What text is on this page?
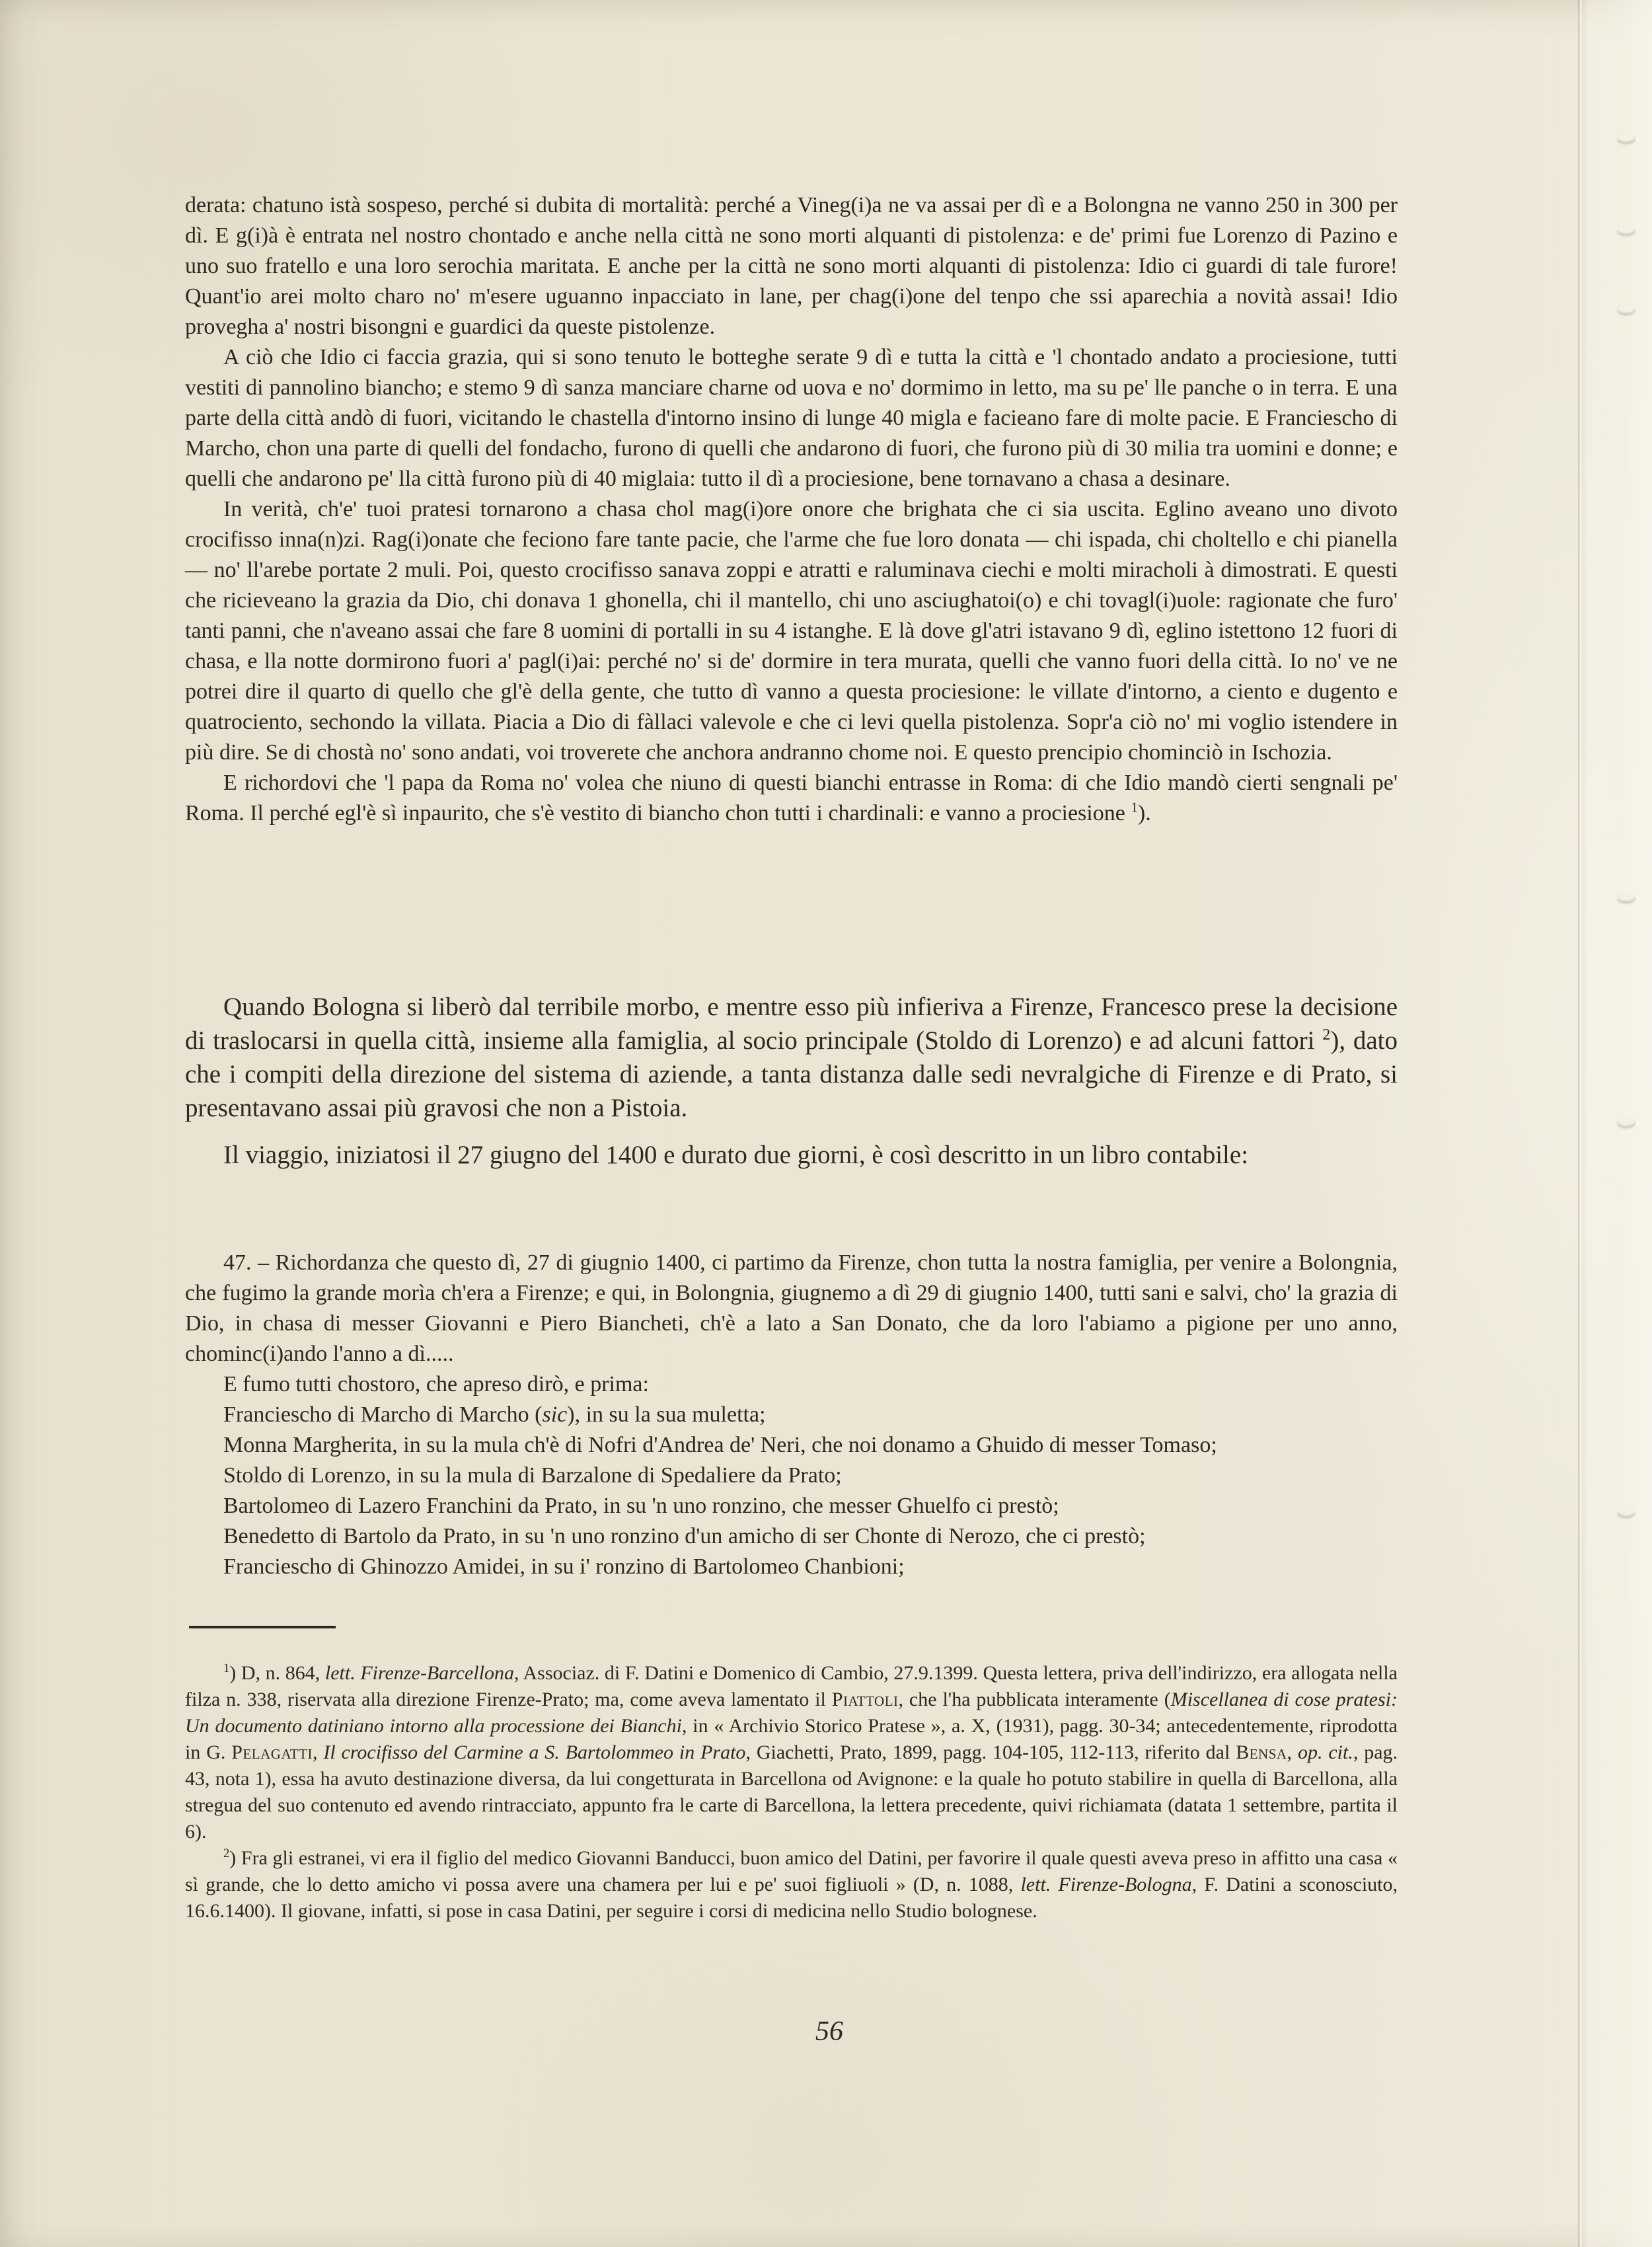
derata: chatuno istà sospeso, perché si dubita di mortalità: perché a Vineg(i)a ne va assai per dì e a Bolongna ne vanno 250 in 300 per dì. E g(i)à è entrata nel nostro chontado e anche nella città ne sono morti alquanti di pistolenza: e de' primi fue Lorenzo di Pazino e uno suo fratello e una loro serochia maritata. E anche per la città ne sono morti alquanti di pistolenza: Idio ci guardi di tale furore! Quant'io arei molto charo no' m'esere uguanno inpacciato in lane, per chag(i)one del tenpo che ssi aparechia a novità assai! Idio provegha a' nostri bisongni e guardici da queste pistolenze.

A ciò che Idio ci faccia grazia, qui si sono tenuto le botteghe serate 9 dì e tutta la città e 'l chontado andato a prociesione, tutti vestiti di pannolino biancho; e stemo 9 dì sanza manciare charne od uova e no' dormimo in letto, ma su pe' lle panche o in terra. E una parte della città andò di fuori, vicitando le chastella d'intorno insino di lunge 40 migla e facieano fare di molte pacie. E Franciescho di Marcho, chon una parte di quelli del fondacho, furono di quelli che andarono di fuori, che furono più di 30 milia tra uomini e donne; e quelli che andarono pe' lla città furono più di 40 miglaia: tutto il dì a prociesione, bene tornavano a chasa a desinare.

In verità, ch'e' tuoi pratesi tornarono a chasa chol mag(i)ore onore che brighata che ci sia uscita. Eglino aveano uno divoto crocifisso inna(n)zi. Rag(i)onate che feciono fare tante pacie, che l'arme che fue loro donata — chi ispada, chi choltello e chi pianella — no' ll'arebe portate 2 muli. Poi, questo crocifisso sanava zoppi e atratti e raluminava ciechi e molti miracholi à dimostrati. E questi che ricieveano la grazia da Dio, chi donava 1 ghonella, chi il mantello, chi uno asciughatoi(o) e chi tovagl(i)uole: ragionate che furo' tanti panni, che n'aveano assai che fare 8 uomini di portalli in su 4 istanghe. E là dove gl'atri istavano 9 dì, eglino istettono 12 fuori di chasa, e lla notte dormirono fuori a' pagl(i)ai: perché no' si de' dormire in tera murata, quelli che vanno fuori della città. Io no' ve ne potrei dire il quarto di quello che gl'è della gente, che tutto dì vanno a questa prociesione: le villate d'intorno, a ciento e dugento e quatrociento, sechondo la villata. Piacia a Dio di fàllaci valevole e che ci levi quella pistolenza. Sopr'a ciò no' mi voglio istendere in più dire. Se di chostà no' sono andati, voi troverete che anchora andranno chome noi. E questo prencipio chominciò in Ischozia.

E richordovi che 'l papa da Roma no' volea che niuno di questi bianchi entrasse in Roma: di che Idio mandò cierti sengnali pe' Roma. Il perché egl'è sì inpaurito, che s'è vestito di biancho chon tutti i chardinali: e vanno a prociesione $^1$).

Quando Bologna si liberò dal terribile morbo, e mentre esso più infieriva a Firenze, Francesco prese la decisione di traslocarsi in quella città, insieme alla famiglia, al socio principale (Stoldo di Lorenzo) e ad alcuni fattori $^2$), dato che i compiti della direzione del sistema di aziende, a tanta distanza dalle sedi nevralgiche di Firenze e di Prato, si presentavano assai più gravosi che non a Pistoia.

Il viaggio, iniziatosi il 27 giugno del 1400 e durato due giorni, è così descritto in un libro contabile:

47. – Richordanza che questo dì, 27 di giugnio 1400, ci partimo da Firenze, chon tutta la nostra famiglia, per venire a Bolongnia, che fugimo la grande morìa ch'era a Firenze; e qui, in Bolongnia, giugnemo a dì 29 di giugnio 1400, tutti sani e salvi, cho' la grazia di Dio, in chasa di messer Giovanni e Piero Biancheti, ch'è a lato a San Donato, che da loro l'abiamo a pigione per uno anno, chominc(i)ando l'anno a dì.....

E fumo tutti chostoro, che apreso dirò, e prima:

Franciescho di Marcho di Marcho (sic), in su la sua muletta;

Monna Margherita, in su la mula ch'è di Nofri d'Andrea de' Neri, che noi donamo a Ghuido di messer Tomaso;

Stoldo di Lorenzo, in su la mula di Barzalone di Spedaliere da Prato;

Bartolomeo di Lazero Franchini da Prato, in su 'n uno ronzino, che messer Ghuelfo ci prestò;

Benedetto di Bartolo da Prato, in su 'n uno ronzino d'un amicho di ser Chonte di Nerozo, che ci prestò;

Franciescho di Ghinozzo Amidei, in su i' ronzino di Bartolomeo Chanbioni;

$^1$) D, n. 864, lett. Firenze-Barcellona, Associaz. di F. Datini e Domenico di Cambio, 27.9.1399. Questa lettera, priva dell'indirizzo, era allogata nella filza n. 338, riservata alla direzione Firenze-Prato; ma, come aveva lamentato il Piattoli, che l'ha pubblicata interamente (Miscellanea di cose pratesi: Un documento datiniano intorno alla processione dei Bianchi, in « Archivio Storico Pratese », a. X, (1931), pagg. 30-34; antecedentemente, riprodotta in G. Pelagatti, Il crocifisso del Carmine a S. Bartolommeo in Prato, Giachetti, Prato, 1899, pagg. 104-105, 112-113, riferito dal Bensa, op. cit., pag. 43, nota 1), essa ha avuto destinazione diversa, da lui congetturata in Barcellona od Avignone: e la quale ho potuto stabilire in quella di Barcellona, alla stregua del suo contenuto ed avendo rintracciato, appunto fra le carte di Barcellona, la lettera precedente, quivi richiamata (datata 1 settembre, partita il 6).

$^2$) Fra gli estranei, vi era il figlio del medico Giovanni Banducci, buon amico del Datini, per favorire il quale questi aveva preso in affitto una casa « sì grande, che lo detto amicho vi possa avere una chamera per lui e pe' suoi figliuoli » (D, n. 1088, lett. Firenze-Bologna, F. Datini a sconosciuto, 16.6.1400). Il giovane, infatti, si pose in casa Datini, per seguire i corsi di medicina nello Studio bolognese.

56
